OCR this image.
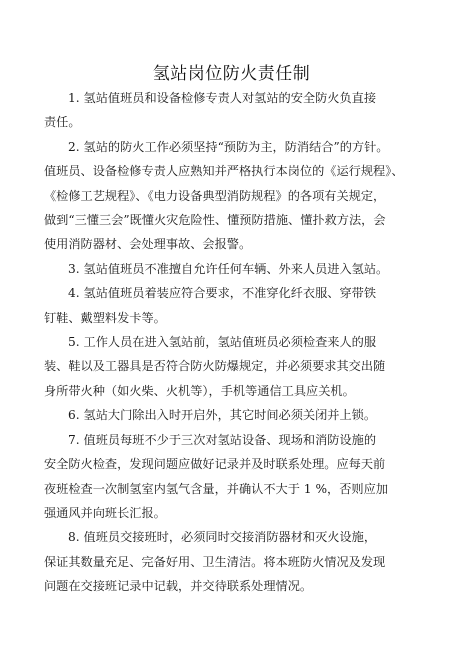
氢站岗位防火责任制

1. 氢站值班员和设备检修专责人对氢站的安全防火负直接
责任。

2. 氢站的防火工作必须坚持“预防为主，防消结合”的方针。
值班员、设备检修专责人应熟知并严格执行本岗位的《运行规程》、
《检修工艺规程》、《电力设备典型消防规程》的各项有关规定，
做到“三懂三会”既懂火灾危险性、懂预防措施、懂扑救方法，会
使用消防器材、会处理事故、会报警。

3. 氢站值班员不准擅自允许任何车辆、外来人员进入氢站。

4. 氢站值班员着装应符合要求，不准穿化纤衣服、穿带铁
钉鞋、戴塑料发卡等。

5. 工作人员在进入氢站前，氢站值班员必须检查来人的服
装、鞋以及工器具是否符合防火防爆规定，并必须要求其交出随
身所带火种（如火柴、火机等），手机等通信工具应关机。

6. 氢站大门除出入时开启外，其它时间必须关闭并上锁。

7. 值班员每班不少于三次对氢站设备、现场和消防设施的
安全防火检查，发现问题应做好记录并及时联系处理。应每天前
夜班检查一次制氢室内氢气含量，并确认不大于 1 %，否则应加
强通风并向班长汇报。

8. 值班员交接班时，必须同时交接消防器材和灭火设施，
保证其数量充足、完备好用、卫生清洁。将本班防火情况及发现
问题在交接班记录中记载，并交待联系处理情况。
